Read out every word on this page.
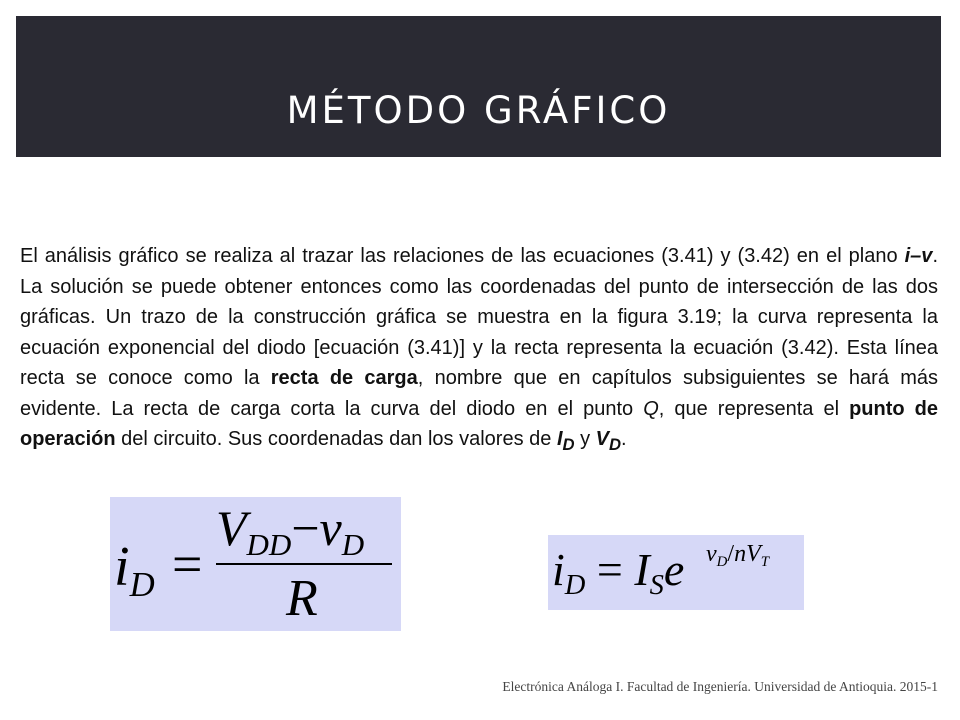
MÉTODO GRÁFICO

El análisis gráfico se realiza al trazar las relaciones de las ecuaciones (3.41) y (3.42) en el plano i–v. La solución se puede obtener entonces como las coordenadas del punto de intersección de las dos gráficas. Un trazo de la construcción gráfica se muestra en la figura 3.19; la curva representa la ecuación exponencial del diodo [ecuación (3.41)] y la recta representa la ecuación (3.42). Esta línea recta se conoce como la recta de carga, nombre que en capítulos subsiguientes se hará más evidente. La recta de carga corta la curva del diodo en el punto Q, que representa el punto de operación del circuito. Sus coordenadas dan los valores de $I_D$ y $V_D$.

iD =
VDD−vD
R
iD = ISe vD/nVT
Electrónica Análoga I. Facultad de Ingeniería. Universidad de Antioquia. 2015-1
